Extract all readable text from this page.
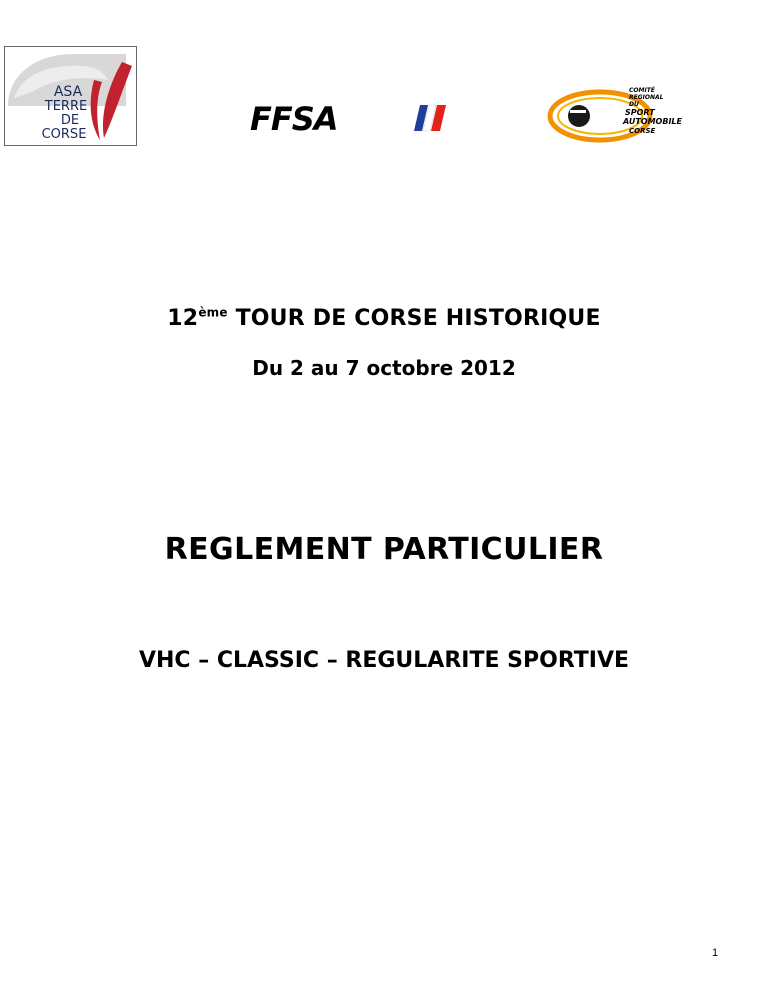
ASA
TERRE
DE
CORSE	FFSA
COMITÉ
REGIONAL
DU
SPORT
AUTOMOBILE
CORSE
12ème TOUR DE CORSE HISTORIQUE
Du 2 au 7 octobre 2012
REGLEMENT PARTICULIER
VHC – CLASSIC – REGULARITE SPORTIVE
1
